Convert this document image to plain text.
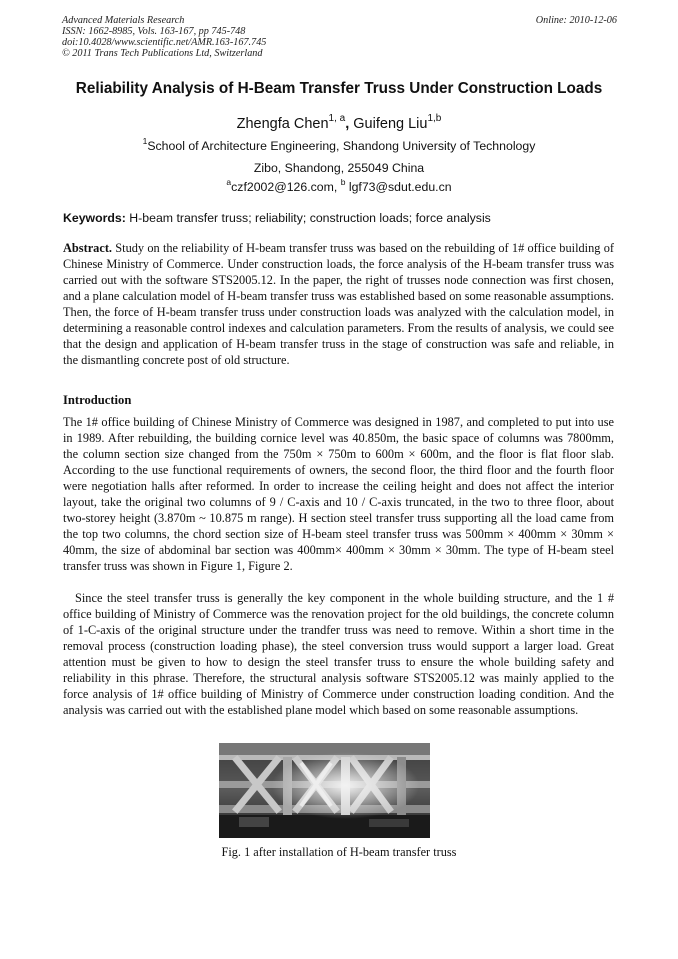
Advanced Materials Research
ISSN: 1662-8985, Vols. 163-167, pp 745-748
doi:10.4028/www.scientific.net/AMR.163-167.745
© 2011 Trans Tech Publications Ltd, Switzerland
Online: 2010-12-06
Reliability Analysis of H-Beam Transfer Truss Under Construction Loads
Zhengfa Chen$^{1, a}$, Guifeng Liu$^{1,b}$
$^1$School of Architecture Engineering, Shandong University of Technology
Zibo, Shandong, 255049 China
$^a$czf2002@126.com, $^b$ lgf73@sdut.edu.cn
Keywords: H-beam transfer truss; reliability; construction loads; force analysis
Abstract. Study on the reliability of H-beam transfer truss was based on the rebuilding of 1# office building of Chinese Ministry of Commerce. Under construction loads, the force analysis of the H-beam transfer truss was carried out with the software STS2005.12. In the paper, the right of trusses node connection was first chosen, and a plane calculation model of H-beam transfer truss was established based on some reasonable assumptions. Then, the force of H-beam transfer truss under construction loads was analyzed with the calculation model, in determining a reasonable control indexes and calculation parameters. From the results of analysis, we could see that the design and application of H-beam transfer truss in the stage of construction was safe and reliable, in the dismantling concrete post of old structure.
Introduction
The 1# office building of Chinese Ministry of Commerce was designed in 1987, and completed to put into use in 1989. After rebuilding, the building cornice level was 40.850m, the basic space of columns was 7800mm, the column section size changed from the 750m × 750m to 600m × 600m, and the floor is flat floor slab. According to the use functional requirements of owners, the second floor, the third floor and the fourth floor were negotiation halls after reformed. In order to increase the ceiling height and does not affect the interior layout, take the original two columns of 9 / C-axis and 10 / C-axis truncated, in the two to three floor, about two-storey height (3.870m ~ 10.875 m range). H section steel transfer truss supporting all the load came from the top two columns, the chord section size of H-beam steel transfer truss was 500mm × 400mm × 30mm × 40mm, the size of abdominal bar section was 400mm× 400mm × 30mm × 30mm. The type of H-beam steel transfer truss was shown in Figure 1, Figure 2.
Since the steel transfer truss is generally the key component in the whole building structure, and the 1 # office building of Ministry of Commerce was the renovation project for the old buildings, the concrete column of 1-C-axis of the original structure under the trandfer truss was need to remove. Within a short time in the removal process (construction loading phase), the steel conversion truss would support a larger load. Great attention must be given to how to design the steel transfer truss to ensure the whole building safety and reliability in this phrase. Therefore, the structural analysis software STS2005.12 was mainly applied to the force analysis of 1# office building of Ministry of Commerce under construction loading condition. And the analysis was carried out with the established plane model which based on some reasonable assumptions.
Fig. 1 after installation of H-beam transfer truss
